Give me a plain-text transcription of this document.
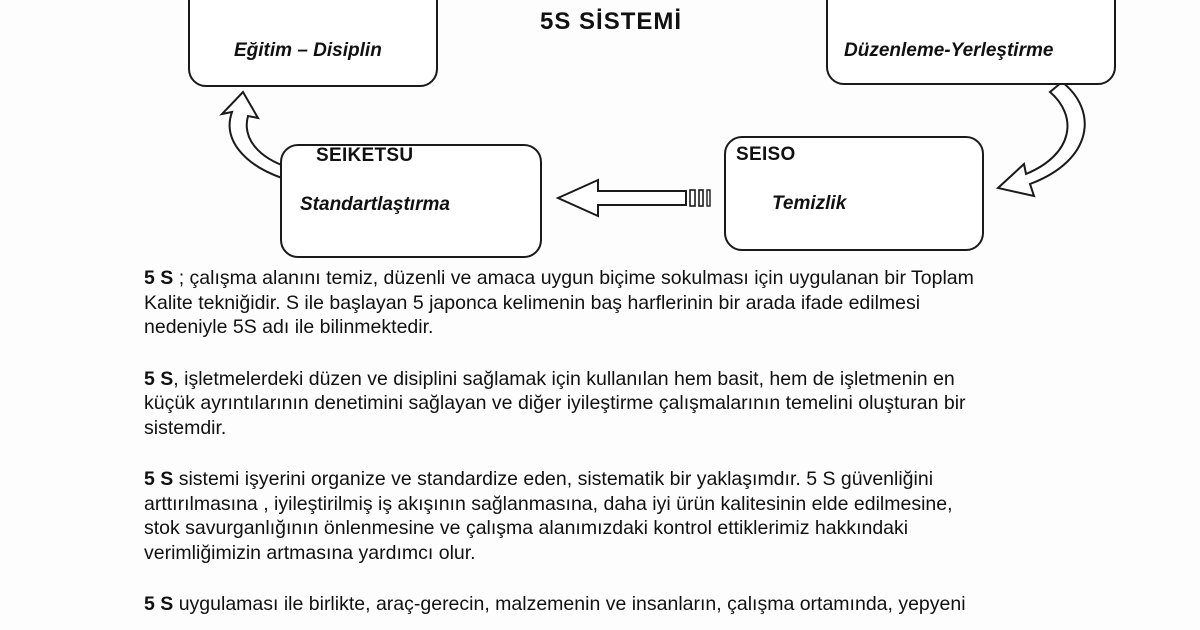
5S SİSTEMİ
Eğitim – Disiplin	Düzenleme-Yerleştirme
SEIKETSU
Standartlaştırma
SEISO
Temizlik

5 S ; çalışma alanını temiz, düzenli ve amaca uygun biçime sokulması için uygulanan bir Toplam
Kalite tekniğidir. S ile başlayan 5 japonca kelimenin baş harflerinin bir arada ifade edilmesi
nedeniyle 5S adı ile bilinmektedir.

5 S, işletmelerdeki düzen ve disiplini sağlamak için kullanılan hem basit, hem de işletmenin en
küçük ayrıntılarının denetimini sağlayan ve diğer iyileştirme çalışmalarının temelini oluşturan bir
sistemdir.

5 S sistemi işyerini organize ve standardize eden, sistematik bir yaklaşımdır. 5 S güvenliğini
arttırılmasına , iyileştirilmiş iş akışının sağlanmasına, daha iyi ürün kalitesinin elde edilmesine,
stok savurganlığının önlenmesine ve çalışma alanımızdaki kontrol ettiklerimiz hakkındaki
verimliğimizin artmasına yardımcı olur.

5 S uygulaması ile birlikte, araç-gerecin, malzemenin ve insanların, çalışma ortamında, yepyeni
